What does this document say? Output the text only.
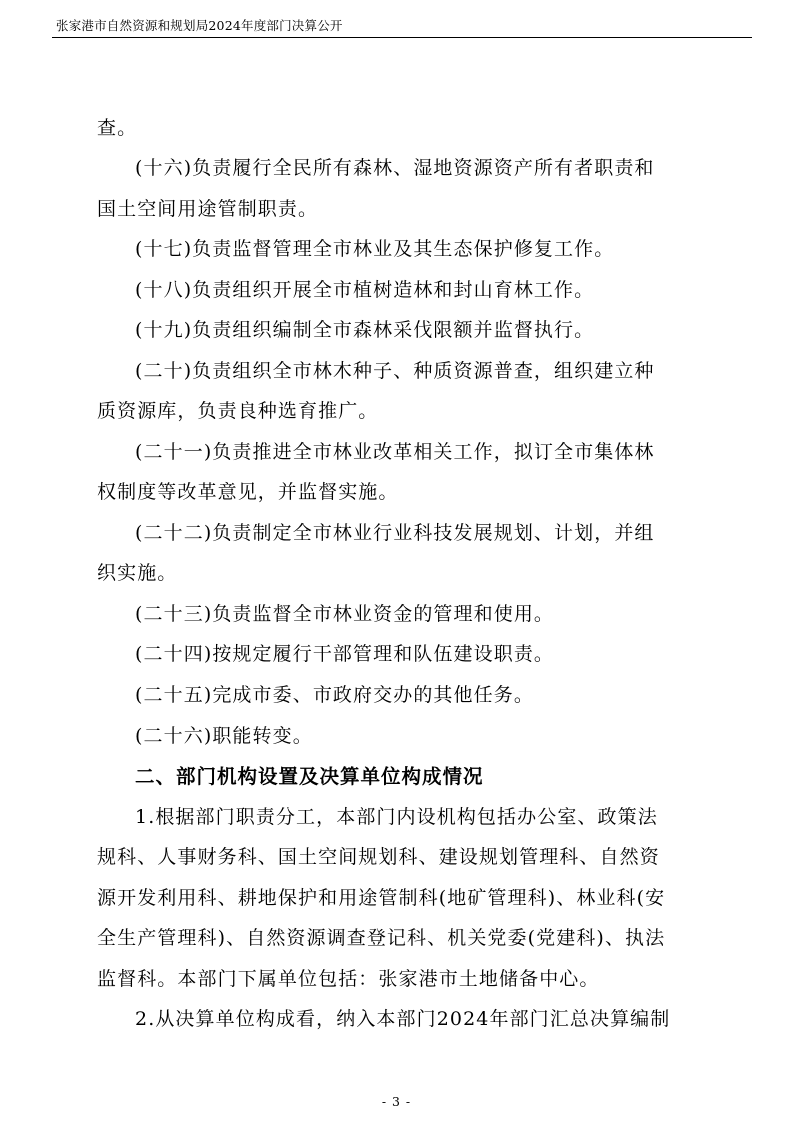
张家港市自然资源和规划局2024年度部门决算公开
查。
(十六)负责履行全民所有森林、湿地资源资产所有者职责和
国土空间用途管制职责。
(十七)负责监督管理全市林业及其生态保护修复工作。
(十八)负责组织开展全市植树造林和封山育林工作。
(十九)负责组织编制全市森林采伐限额并监督执行。
(二十)负责组织全市林木种子、种质资源普查，组织建立种
质资源库，负责良种选育推广。
(二十一)负责推进全市林业改革相关工作，拟订全市集体林
权制度等改革意见，并监督实施。
(二十二)负责制定全市林业行业科技发展规划、计划，并组
织实施。
(二十三)负责监督全市林业资金的管理和使用。
(二十四)按规定履行干部管理和队伍建设职责。
(二十五)完成市委、市政府交办的其他任务。
(二十六)职能转变。
二、部门机构设置及决算单位构成情况
1.根据部门职责分工，本部门内设机构包括办公室、政策法
规科、人事财务科、国土空间规划科、建设规划管理科、自然资
源开发利用科、耕地保护和用途管制科(地矿管理科)、林业科(安
全生产管理科)、自然资源调查登记科、机关党委(党建科)、执法
监督科。本部门下属单位包括：张家港市土地储备中心。
2.从决算单位构成看，纳入本部门2024年部门汇总决算编制
- 3 -
